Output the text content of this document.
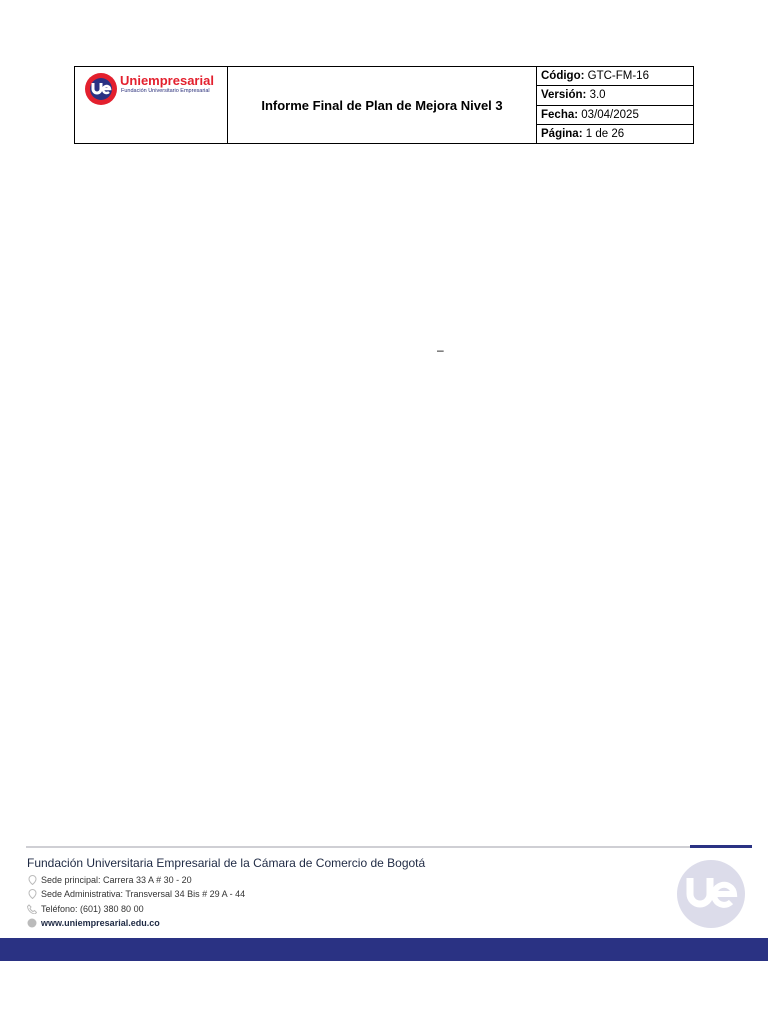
Uniempresarial
Fundación Universitario Empresarial
	Informe Final de Plan de Mejora Nivel 3	Código: GTC-FM-16
Versión: 3.0
Fecha: 03/04/2025
Página: 1 de 26
–
Fundación Universitaria Empresarial de la Cámara de Comercio de Bogotá
Sede principal: Carrera 33 A # 30 - 20
Sede Administrativa: Transversal 34 Bis # 29 A - 44
Teléfono: (601) 380 80 00
www.uniempresarial.edu.co
